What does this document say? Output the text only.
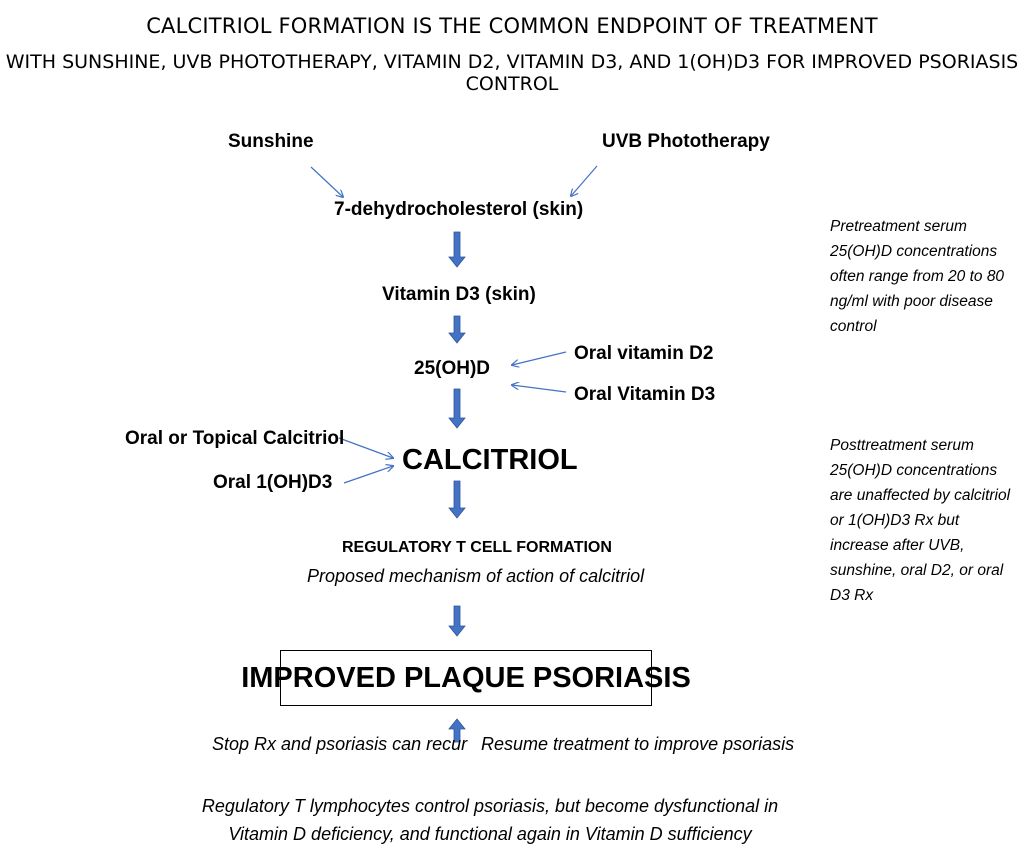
CALCITRIOL FORMATION IS THE COMMON ENDPOINT OF TREATMENT
WITH SUNSHINE, UVB PHOTOTHERAPY, VITAMIN D2, VITAMIN D3, AND 1(OH)D3 FOR IMPROVED PSORIASIS CONTROL
Sunshine	UVB Phototherapy
7-dehydrocholesterol (skin)
Vitamin D3 (skin)
25(OH)D
Oral vitamin D2
Oral Vitamin D3
Oral or Topical Calcitriol
Oral 1(OH)D3
CALCITRIOL
REGULATORY T CELL FORMATION
Proposed mechanism of action of calcitriol
IMPROVED PLAQUE PSORIASIS
Stop Rx and psoriasis can recur Resume treatment to improve psoriasis
Pretreatment serum 25(OH)D concentrations often range from 20 to 80 ng/ml with poor disease control
Posttreatment serum 25(OH)D concentrations are unaffected by calcitriol or 1(OH)D3 Rx but increase after UVB, sunshine, oral D2, or oral D3 Rx
Regulatory T lymphocytes control psoriasis, but become dysfunctional in
Vitamin D deficiency, and functional again in Vitamin D sufficiency
